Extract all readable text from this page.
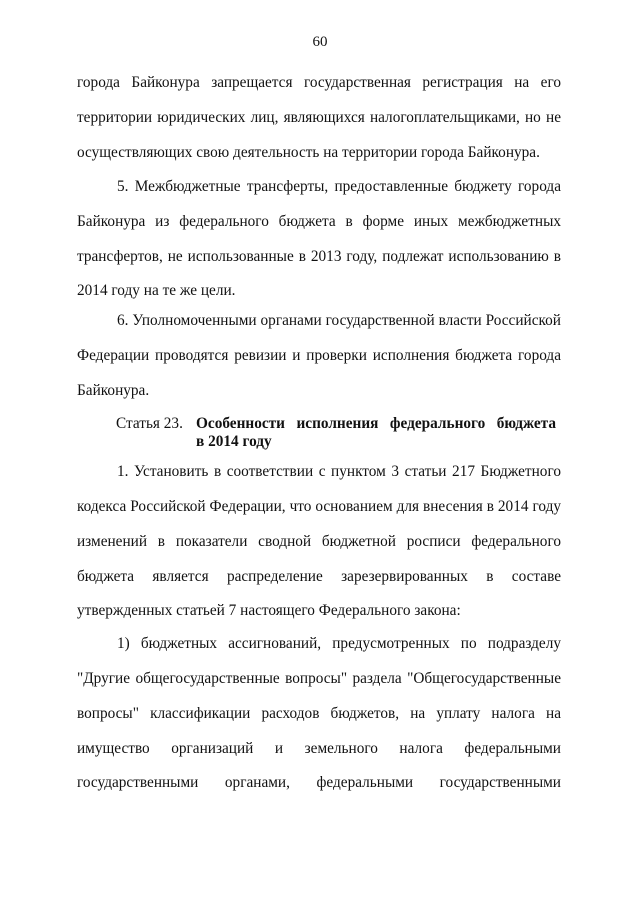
60
города Байконура запрещается государственная регистрация на его
территории юридических лиц, являющихся налогоплательщиками, но не
осуществляющих свою деятельность на территории города Байконура.
5. Межбюджетные трансферты, предоставленные бюджету города
Байконура из федерального бюджета в форме иных межбюджетных
трансфертов, не использованные в 2013 году, подлежат использованию в
2014 году на те же цели.
6. Уполномоченными органами государственной власти Российской
Федерации проводятся ревизии и проверки исполнения бюджета города
Байконура.
Статья 23. Особенности исполнения федерального бюджета
в 2014 году
1. Установить в соответствии с пунктом 3 статьи 217 Бюджетного
кодекса Российской Федерации, что основанием для внесения в 2014 году
изменений в показатели сводной бюджетной росписи федерального
бюджета является распределение зарезервированных в составе
утвержденных статьей 7 настоящего Федерального закона:
1) бюджетных ассигнований, предусмотренных по подразделу
"Другие общегосударственные вопросы" раздела "Общегосударственные
вопросы" классификации расходов бюджетов, на уплату налога на
имущество организаций и земельного налога федеральными
государственными органами, федеральными государственными
